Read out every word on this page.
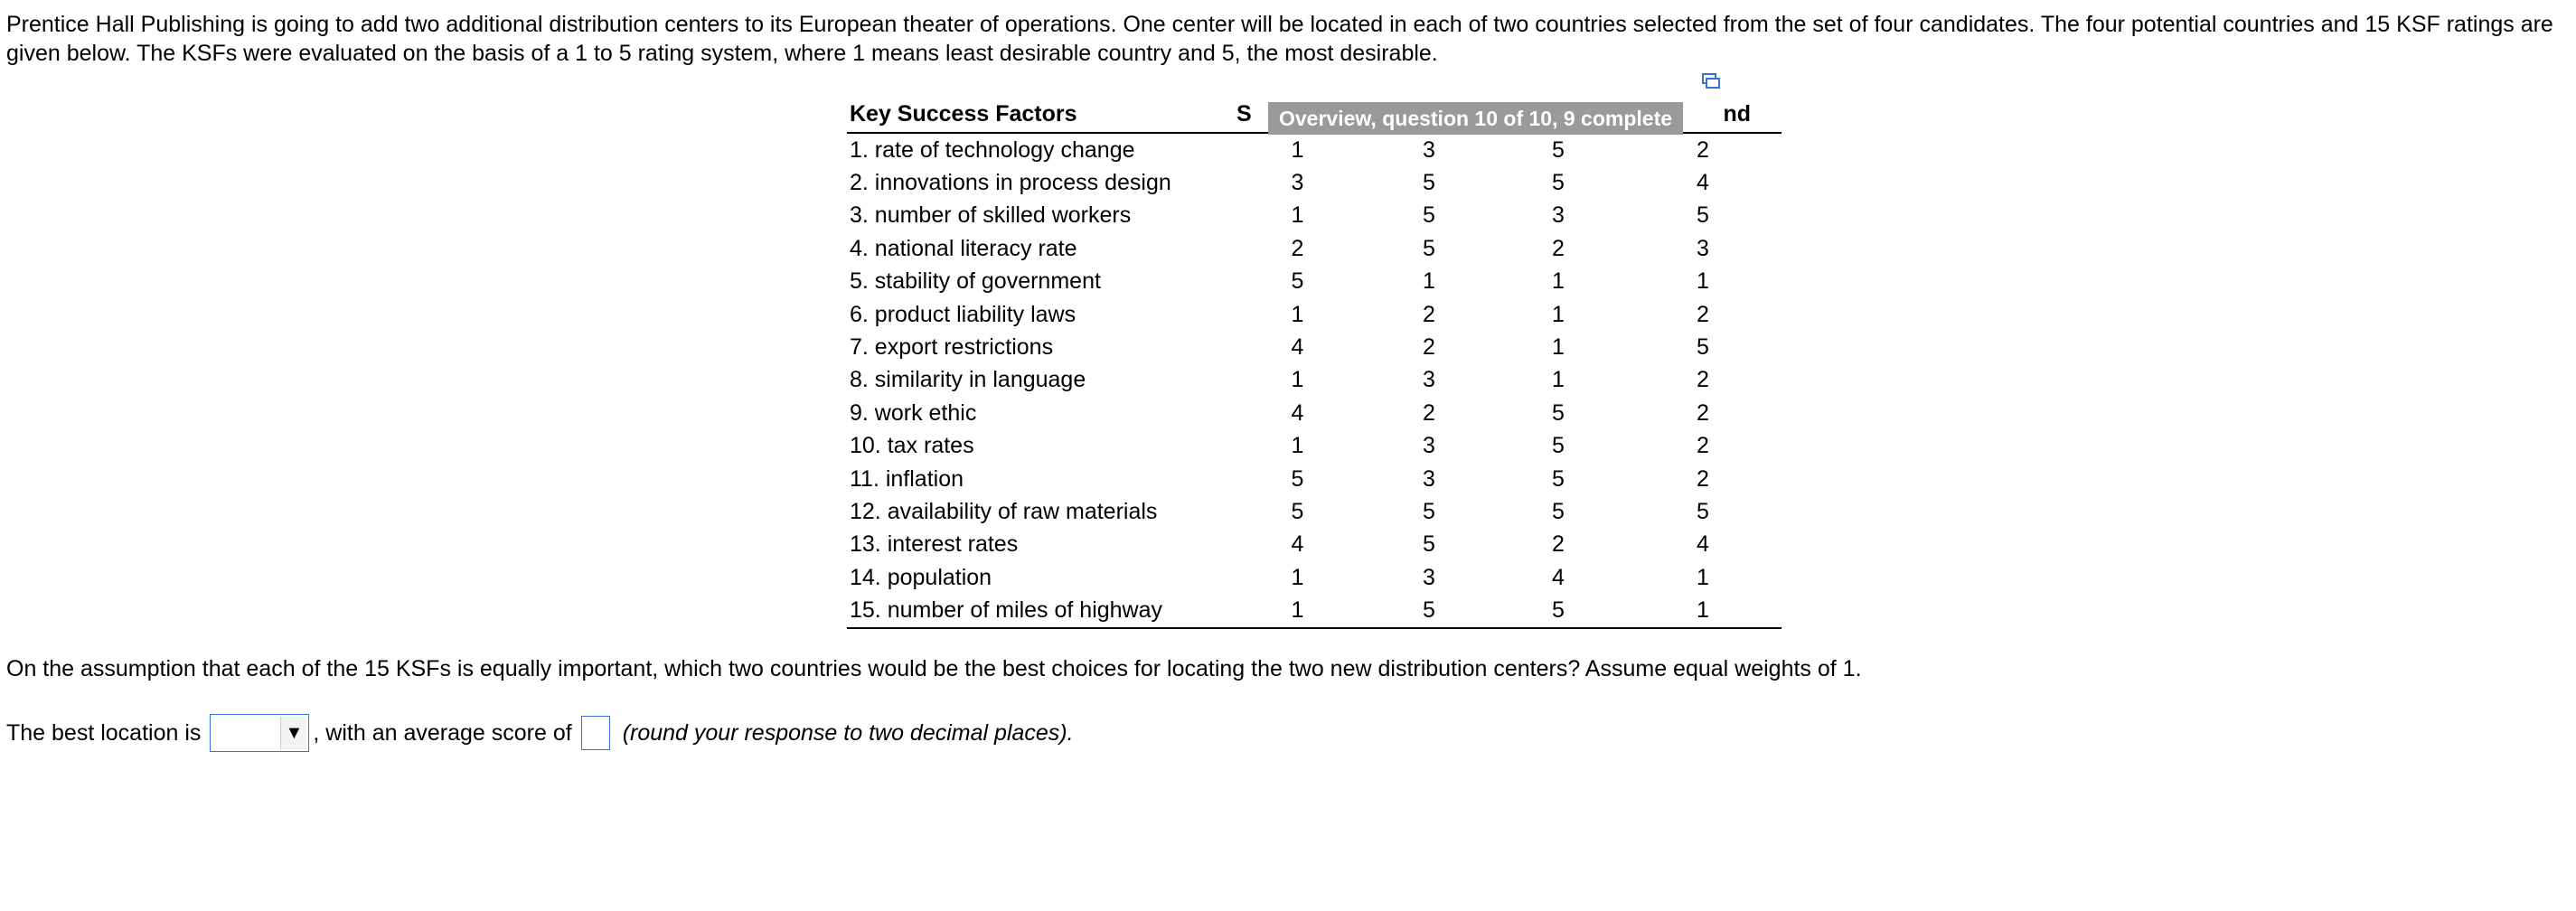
Prentice Hall Publishing is going to add two additional distribution centers to its European theater of operations. One center will be located in each of two countries selected from the set of four candidates. The four potential countries and 15 KSF ratings are given below. The KSFs were evaluated on the basis of a 1 to 5 rating system, where 1 means least desirable country and 5, the most desirable.

Key Success Factors	S			nd
1. rate of technology change	1	3	5	2
2. innovations in process design	3	5	5	4
3. number of skilled workers	1	5	3	5
4. national literacy rate	2	5	2	3
5. stability of government	5	1	1	1
6. product liability laws	1	2	1	2
7. export restrictions	4	2	1	5
8. similarity in language	1	3	1	2
9. work ethic	4	2	5	2
10. tax rates	1	3	5	2
11. inflation	5	3	5	2
12. availability of raw materials	5	5	5	5
13. interest rates	4	5	2	4
14. population	1	3	4	1
15. number of miles of highway	1	5	5	1
Overview, question 10 of 10, 9 complete

On the assumption that each of the 15 KSFs is equally important, which two countries would be the best choices for locating the two new distribution centers? Assume equal weights of 1.

The best location is	▼ , with an average score of (round your response to two decimal places).
